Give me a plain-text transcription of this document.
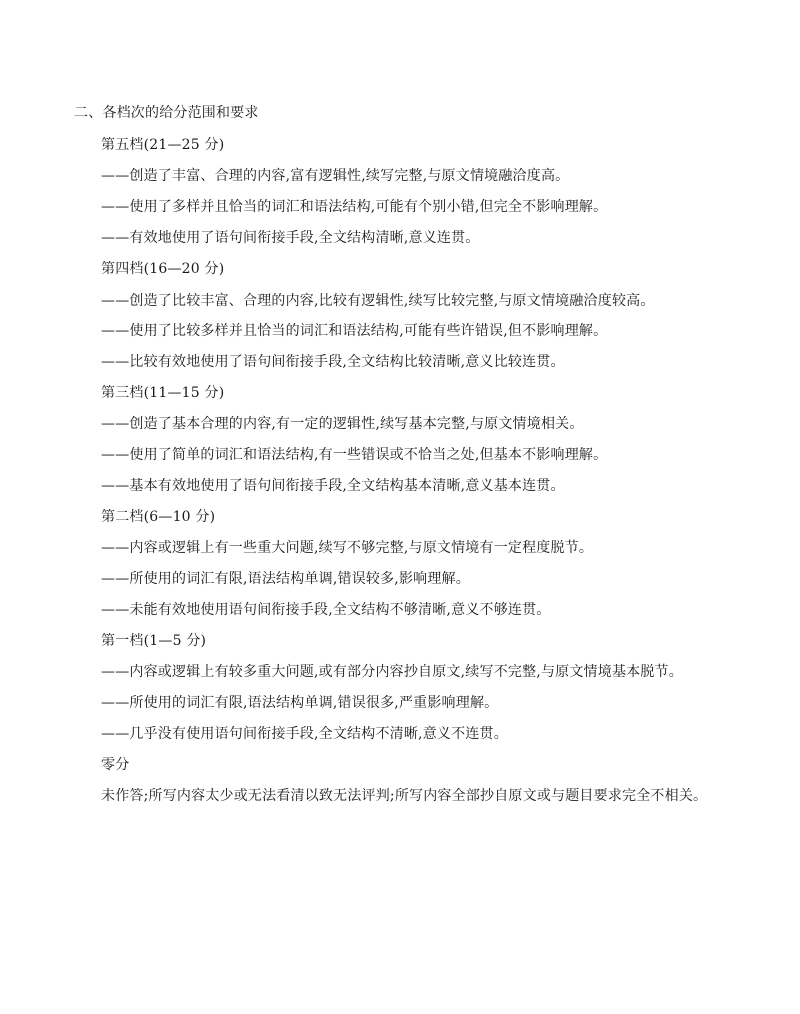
二、各档次的给分范围和要求
第五档(21—25 分)
——创造了丰富、合理的内容,富有逻辑性,续写完整,与原文情境融洽度高。
——使用了多样并且恰当的词汇和语法结构,可能有个别小错,但完全不影响理解。
——有效地使用了语句间衔接手段,全文结构清晰,意义连贯。
第四档(16—20 分)
——创造了比较丰富、合理的内容,比较有逻辑性,续写比较完整,与原文情境融洽度较高。
——使用了比较多样并且恰当的词汇和语法结构,可能有些许错误,但不影响理解。
——比较有效地使用了语句间衔接手段,全文结构比较清晰,意义比较连贯。
第三档(11—15 分)
——创造了基本合理的内容,有一定的逻辑性,续写基本完整,与原文情境相关。
——使用了简单的词汇和语法结构,有一些错误或不恰当之处,但基本不影响理解。
——基本有效地使用了语句间衔接手段,全文结构基本清晰,意义基本连贯。
第二档(6—10 分)
——内容或逻辑上有一些重大问题,续写不够完整,与原文情境有一定程度脱节。
——所使用的词汇有限,语法结构单调,错误较多,影响理解。
——未能有效地使用语句间衔接手段,全文结构不够清晰,意义不够连贯。
第一档(1—5 分)
——内容或逻辑上有较多重大问题,或有部分内容抄自原文,续写不完整,与原文情境基本脱节。
——所使用的词汇有限,语法结构单调,错误很多,严重影响理解。
——几乎没有使用语句间衔接手段,全文结构不清晰,意义不连贯。
零分
未作答;所写内容太少或无法看清以致无法评判;所写内容全部抄自原文或与题目要求完全不相关。
